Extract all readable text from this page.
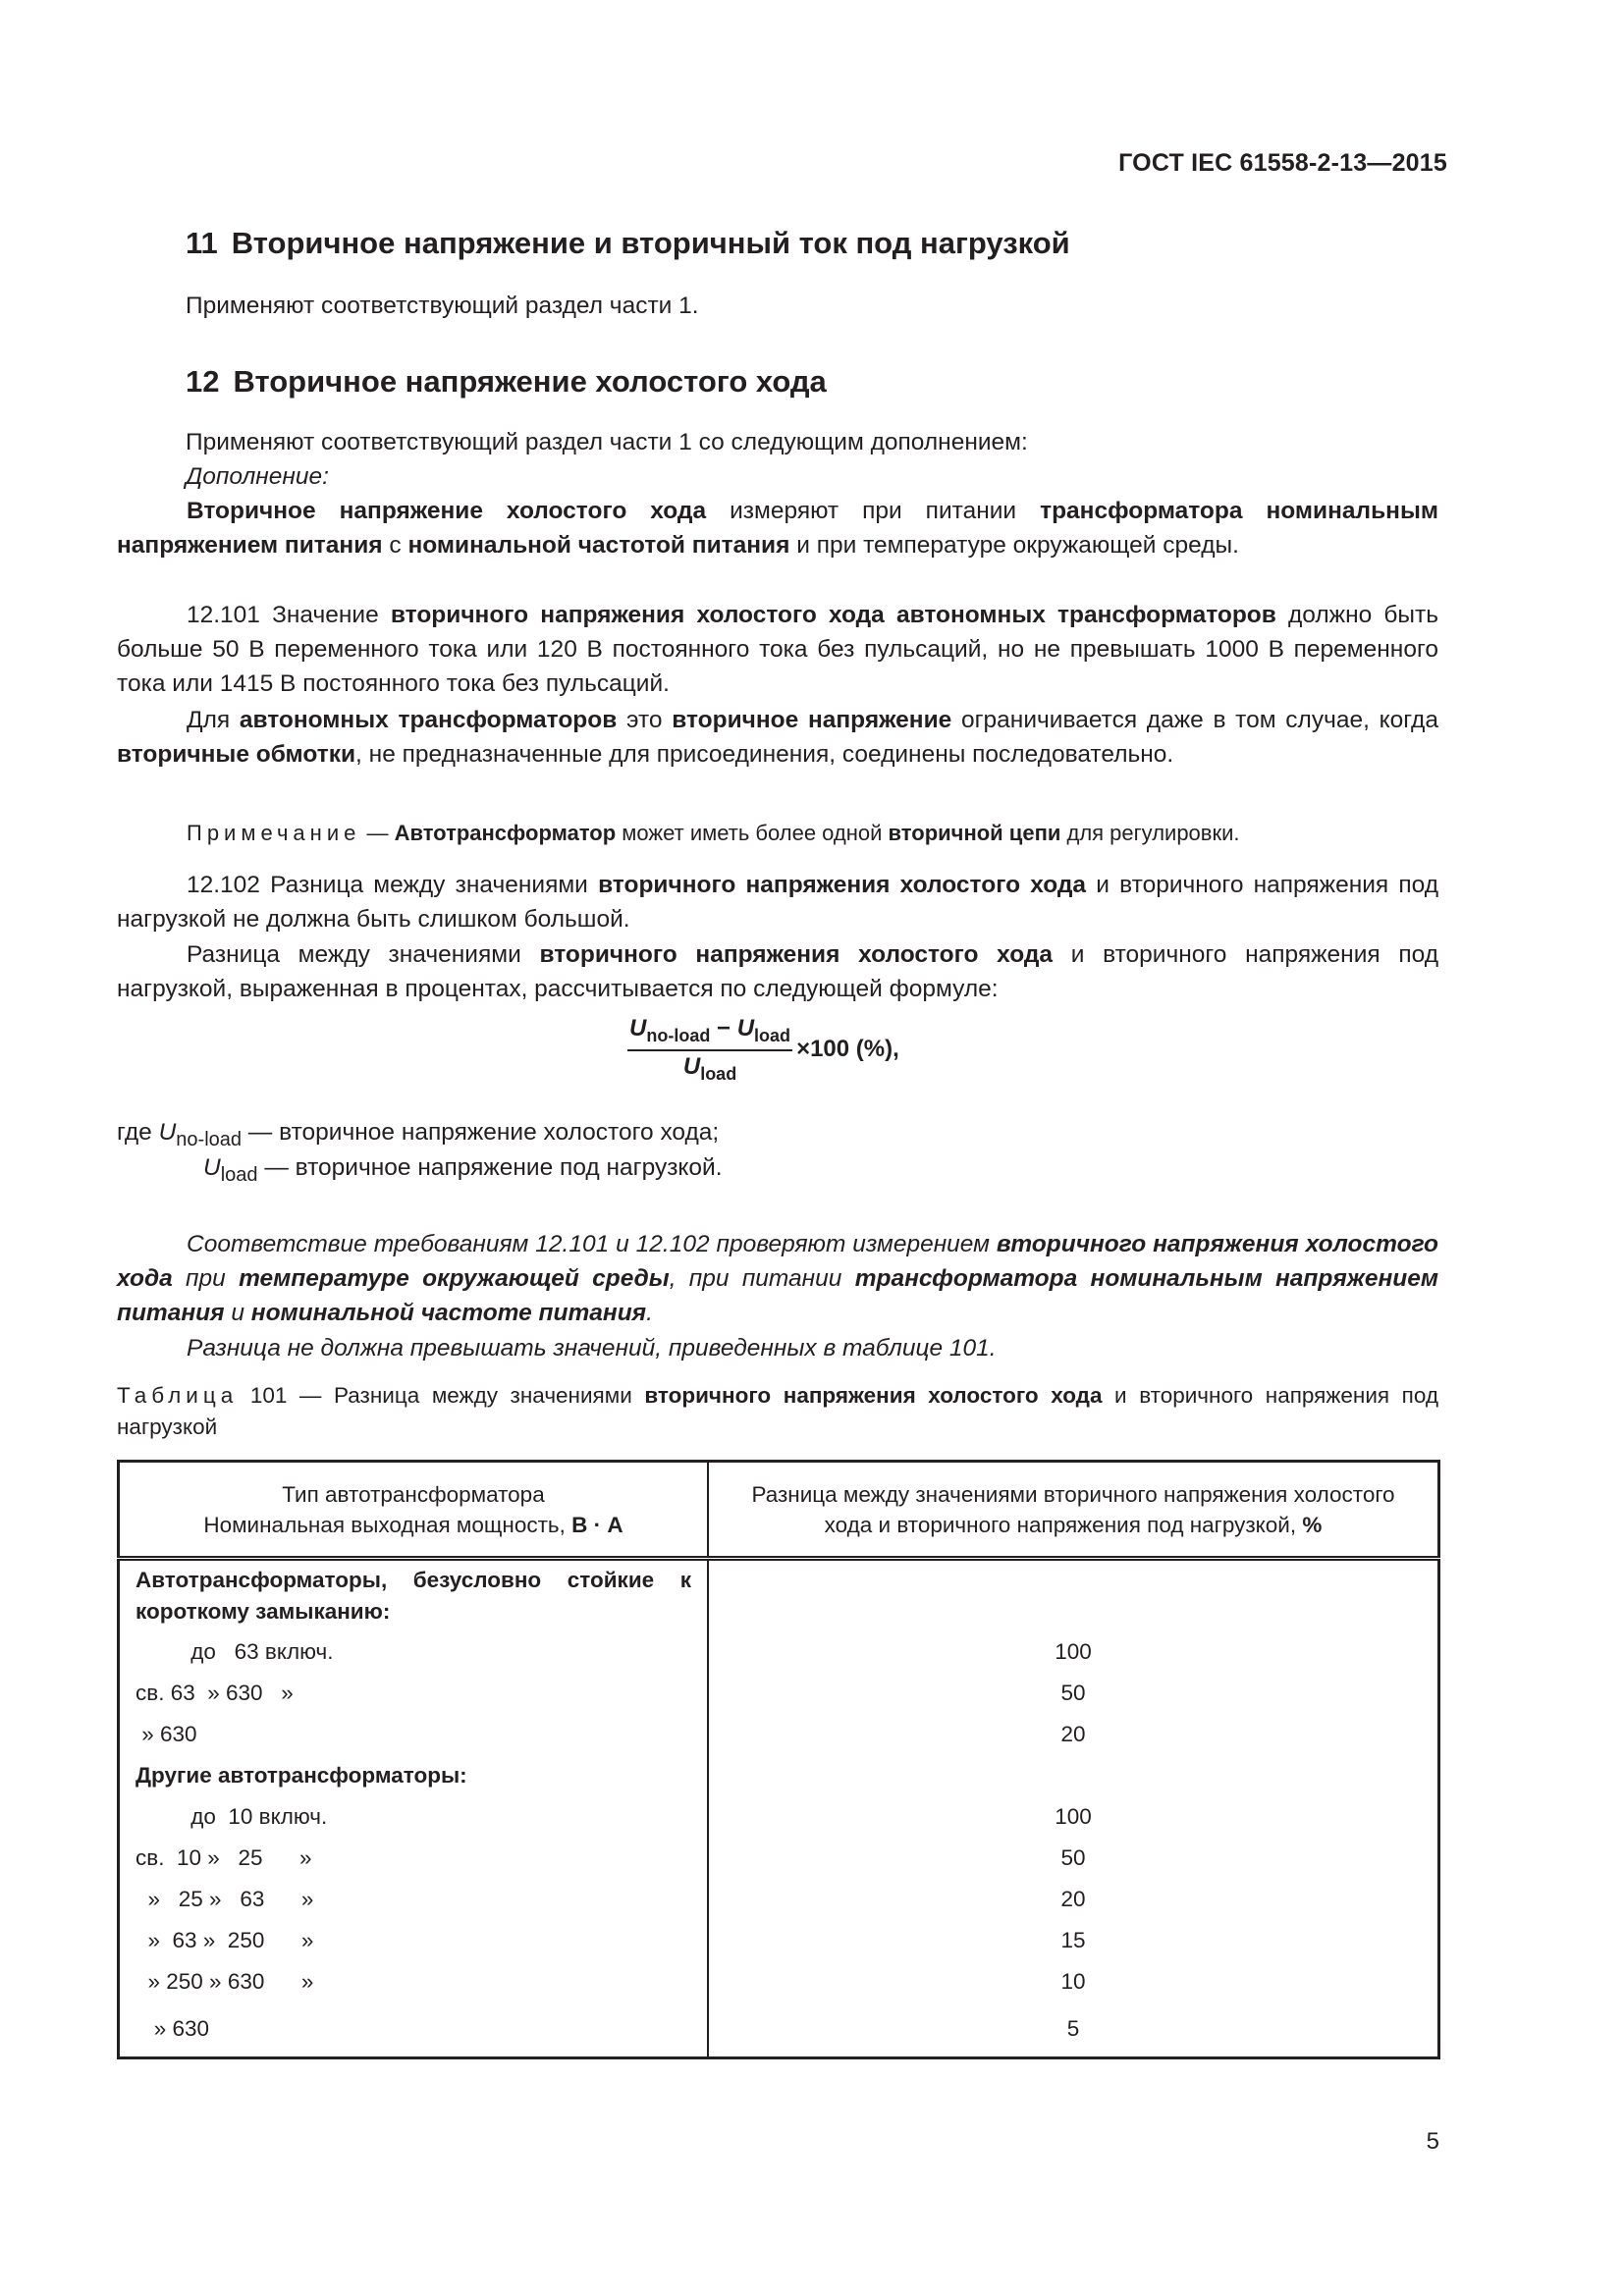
ГОСТ IEC 61558-2-13—2015
11 Вторичное напряжение и вторичный ток под нагрузкой
Применяют соответствующий раздел части 1.
12 Вторичное напряжение холостого хода
Применяют соответствующий раздел части 1 со следующим дополнением:
Дополнение:
Вторичное напряжение холостого хода измеряют при питании трансформатора номинальным напряжением питания с номинальной частотой питания и при температуре окружающей среды.
12.101 Значение вторичного напряжения холостого хода автономных трансформаторов должно быть больше 50 В переменного тока или 120 В постоянного тока без пульсаций, но не превышать 1000 В переменного тока или 1415 В постоянного тока без пульсаций.
Для автономных трансформаторов это вторичное напряжение ограничивается даже в том случае, когда вторичные обмотки, не предназначенные для присоединения, соединены последовательно.
Примечание — Автотрансформатор может иметь более одной вторичной цепи для регулировки.
12.102 Разница между значениями вторичного напряжения холостого хода и вторичного напряжения под нагрузкой не должна быть слишком большой.
Разница между значениями вторичного напряжения холостого хода и вторичного напряжения под нагрузкой, выраженная в процентах, рассчитывается по следующей формуле:
$\frac{U_{no-load} - U_{load}}{U_{load}} \times 100$ (%),
где $U_{no-load}$ — вторичное напряжение холостого хода;
$U_{load}$ — вторичное напряжение под нагрузкой.
Соответствие требованиям 12.101 и 12.102 проверяют измерением вторичного напряжения холостого хода при температуре окружающей среды, при питании трансформатора номинальным напряжением питания и номинальной частоте питания.
Разница не должна превышать значений, приведенных в таблице 101.
Таблица 101 — Разница между значениями вторичного напряжения холостого хода и вторичного напряжения под нагрузкой
Тип автотрансформатора
Номинальная выходная мощность, В · А

Разница между значениями вторичного напряжения холостого
хода и вторичного напряжения под нагрузкой, %

Автотрансформаторы, безусловно стойкие к короткому замыканию:	
до   63 включ.	100
св. 63  » 630   »	50
» 630	20
Другие автотрансформаторы:	
до  10 включ.	100
св.  10 »   25      »	50
»   25 »   63      »	20
»  63 »  250      »	15
» 250 » 630      »	10
» 630	5
5
